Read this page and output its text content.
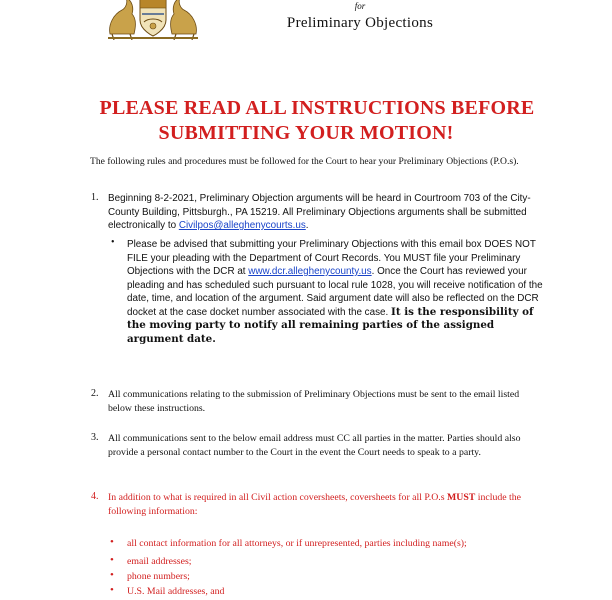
for
Preliminary Objections
PLEASE READ ALL INSTRUCTIONS BEFORE
SUBMITTING YOUR MOTION!
The following rules and procedures must be followed for the Court to hear your Preliminary Objections (P.O.s).
1. Beginning 8-2-2021, Preliminary Objection arguments will be heard in Courtroom 703 of the City- County Building, Pittsburgh., PA 15219. All Preliminary Objections arguments shall be submitted electronically to Civilpos@alleghenycourts.us.
• Please be advised that submitting your Preliminary Objections with this email box DOES NOT FILE your pleading with the Department of Court Records. You MUST file your Preliminary Objections with the DCR at www.dcr.alleghenycounty.us. Once the Court has reviewed your pleading and has scheduled such pursuant to local rule 1028, you will receive notification of the date, time, and location of the argument. Said argument date will also be reflected on the DCR docket at the case docket number associated with the case. It is the responsibility of the moving party to notify all remaining parties of the assigned argument date.
2. All communications relating to the submission of Preliminary Objections must be sent to the email listed below these instructions.
3. All communications sent to the below email address must CC all parties in the matter. Parties should also provide a personal contact number to the Court in the event the Court needs to speak to a party.
4. In addition to what is required in all Civil action coversheets, coversheets for all P.O.s MUST include the following information:
• all contact information for all attorneys, or if unrepresented, parties including name(s);
• email addresses;
• phone numbers;
• U.S. Mail addresses, and
